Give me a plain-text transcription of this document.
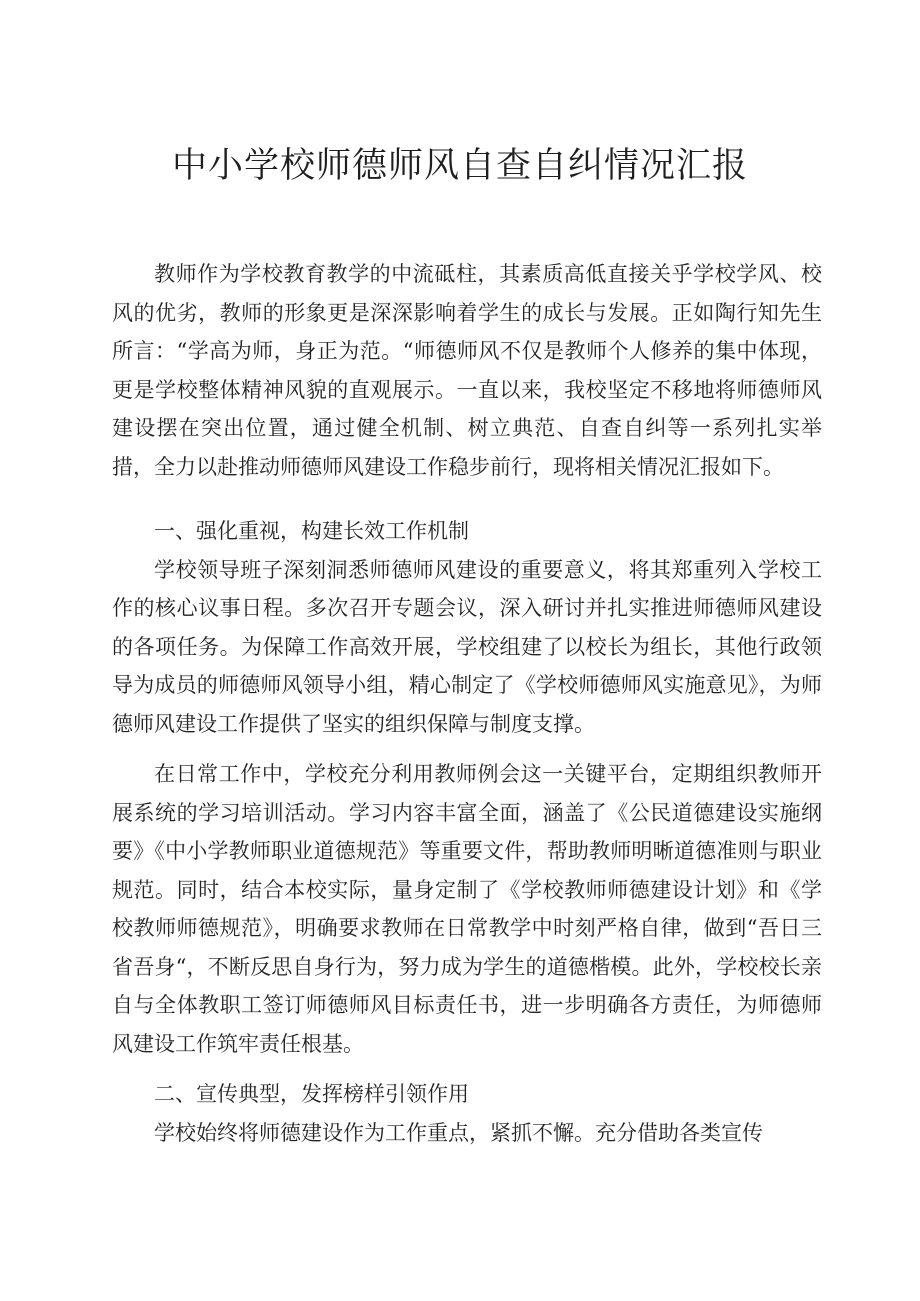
中小学校师德师风自查自纠情况汇报

教师作为学校教育教学的中流砥柱，其素质高低直接关乎学校学风、校风的优劣，教师的形象更是深深影响着学生的成长与发展。正如陶行知先生所言：“学高为师，身正为范。“师德师风不仅是教师个人修养的集中体现，更是学校整体精神风貌的直观展示。一直以来，我校坚定不移地将师德师风建设摆在突出位置，通过健全机制、树立典范、自查自纠等一系列扎实举措，全力以赴推动师德师风建设工作稳步前行，现将相关情况汇报如下。

一、强化重视，构建长效工作机制

学校领导班子深刻洞悉师德师风建设的重要意义，将其郑重列入学校工作的核心议事日程。多次召开专题会议，深入研讨并扎实推进师德师风建设的各项任务。为保障工作高效开展，学校组建了以校长为组长，其他行政领导为成员的师德师风领导小组，精心制定了《学校师德师风实施意见》，为师德师风建设工作提供了坚实的组织保障与制度支撑。

在日常工作中，学校充分利用教师例会这一关键平台，定期组织教师开展系统的学习培训活动。学习内容丰富全面，涵盖了《公民道德建设实施纲要》《中小学教师职业道德规范》等重要文件，帮助教师明晰道德准则与职业规范。同时，结合本校实际，量身定制了《学校教师师德建设计划》和《学校教师师德规范》，明确要求教师在日常教学中时刻严格自律，做到“吾日三省吾身“，不断反思自身行为，努力成为学生的道德楷模。此外，学校校长亲自与全体教职工签订师德师风目标责任书，进一步明确各方责任，为师德师风建设工作筑牢责任根基。

二、宣传典型，发挥榜样引领作用

学校始终将师德建设作为工作重点，紧抓不懈。充分借助各类宣传
